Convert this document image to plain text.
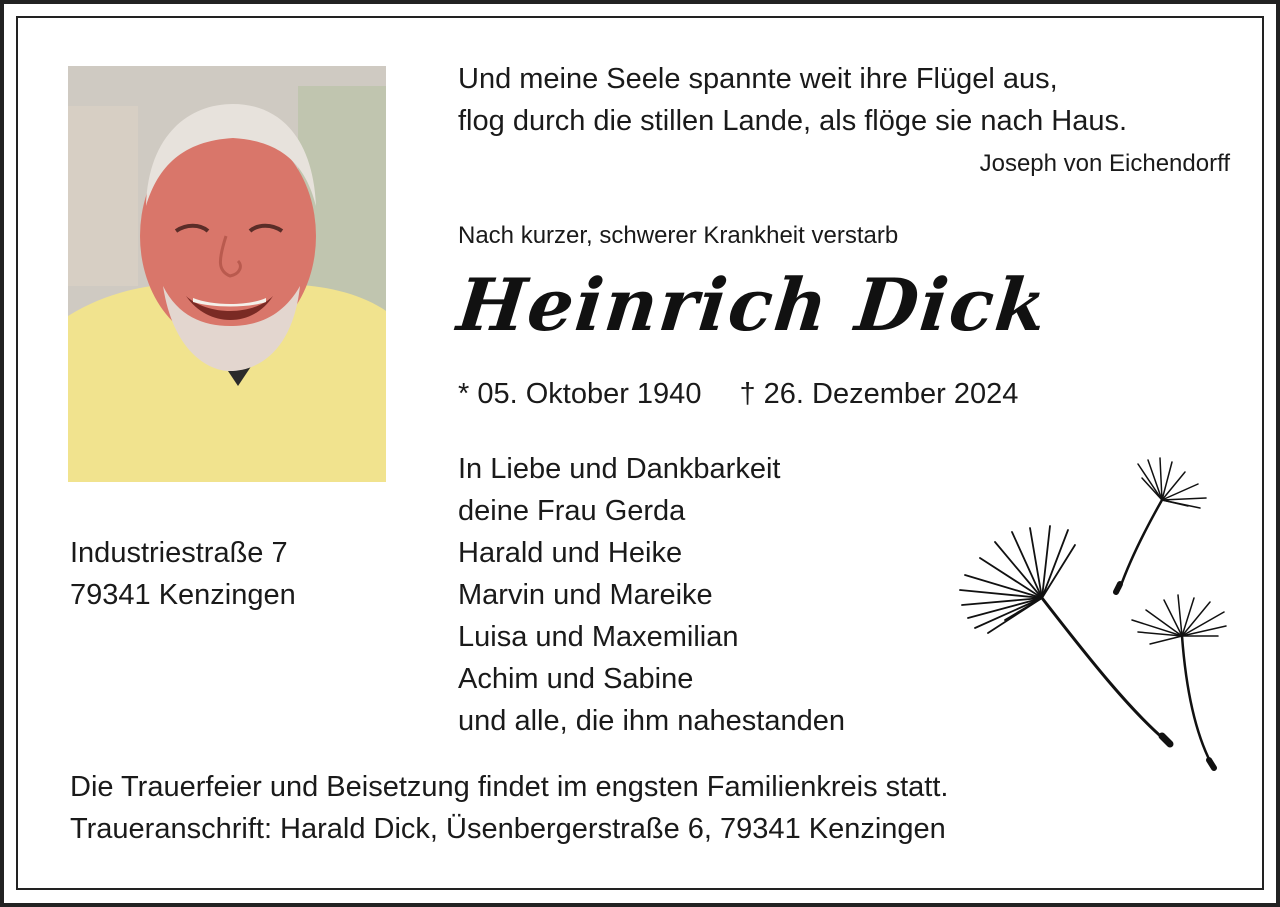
Und meine Seele spannte weit ihre Flügel aus,
flog durch die stillen Lande, als flöge sie nach Haus.
Joseph von Eichendorff
Nach kurzer, schwerer Krankheit verstarb
Heinrich Dick
* 05. Oktober 1940 † 26. Dezember 2024
In Liebe und Dankbarkeit
deine Frau Gerda
Harald und Heike
Marvin und Mareike
Luisa und Maxemilian
Achim und Sabine
und alle, die ihm nahestanden
Industriestraße 7
79341 Kenzingen
Die Trauerfeier und Beisetzung findet im engsten Familienkreis statt.
Traueranschrift: Harald Dick, Üsenbergerstraße 6, 79341 Kenzingen
